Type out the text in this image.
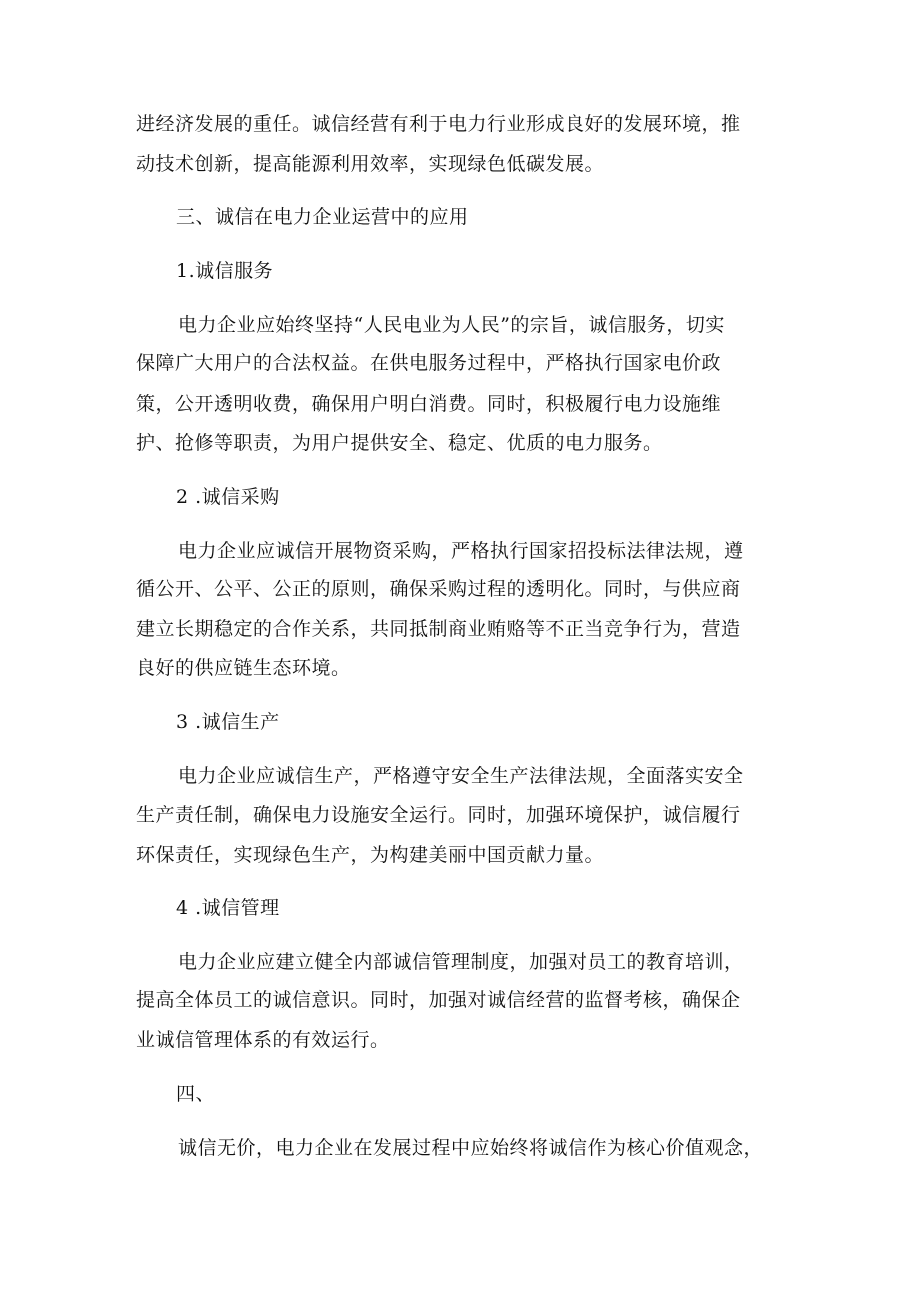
进经济发展的重任。诚信经营有利于电力行业形成良好的发展环境，推
动技术创新，提高能源利用效率，实现绿色低碳发展。
三、诚信在电力企业运营中的应用
1.诚信服务
电力企业应始终坚持“人民电业为人民”的宗旨，诚信服务，切实
保障广大用户的合法权益。在供电服务过程中，严格执行国家电价政
策，公开透明收费，确保用户明白消费。同时，积极履行电力设施维
护、抢修等职责，为用户提供安全、稳定、优质的电力服务。
2 .诚信采购
电力企业应诚信开展物资采购，严格执行国家招投标法律法规，遵
循公开、公平、公正的原则，确保采购过程的透明化。同时，与供应商
建立长期稳定的合作关系，共同抵制商业贿赂等不正当竞争行为，营造
良好的供应链生态环境。
3 .诚信生产
电力企业应诚信生产，严格遵守安全生产法律法规，全面落实安全
生产责任制，确保电力设施安全运行。同时，加强环境保护，诚信履行
环保责任，实现绿色生产，为构建美丽中国贡献力量。
4 .诚信管理
电力企业应建立健全内部诚信管理制度，加强对员工的教育培训，
提高全体员工的诚信意识。同时，加强对诚信经营的监督考核，确保企
业诚信管理体系的有效运行。
四、
诚信无价，电力企业在发展过程中应始终将诚信作为核心价值观念，
